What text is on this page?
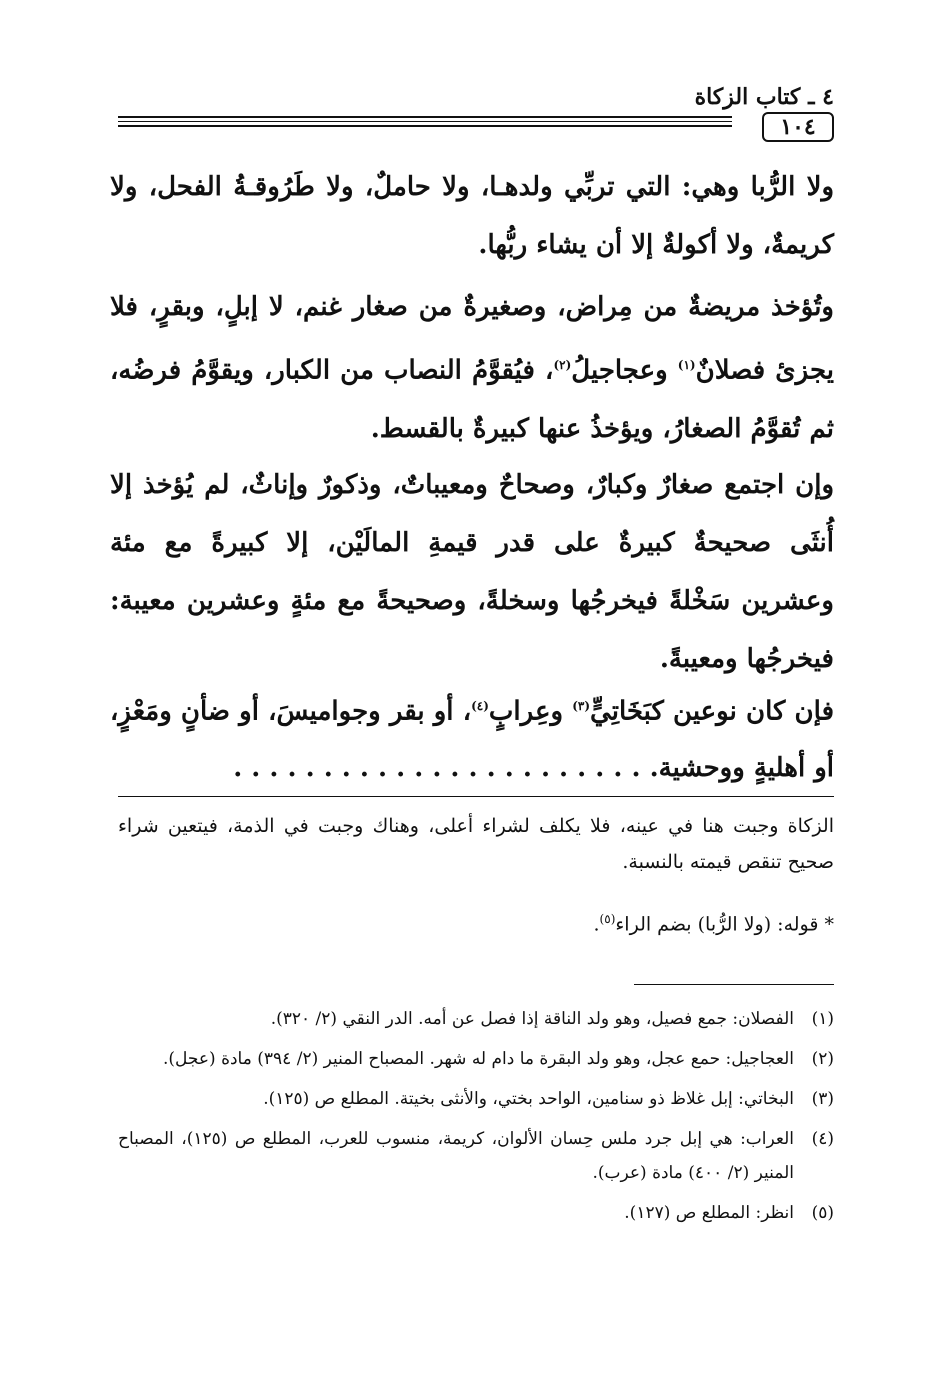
٤ ـ كتاب الزكاة
١٠٤

ولا الرُّبا وهي: التي تربِّي ولدهـا، ولا حاملٌ، ولا طَرُوقـةُ الفحل، ولا كريمةٌ، ولا أكولةٌ إلا أن يشاء ربُّها.

وتُؤخذ مريضةٌ من مِراض، وصغيرةٌ من صغار غنم، لا إبلٍ، وبقرٍ، فلا يجزئ فصلانٌ$^{(١)}$ وعجاجيلُ$^{(٢)}$، فيُقوَّمُ النصاب من الكبار، ويقوَّمُ فرضُه، ثم تُقوَّمُ الصغارُ، ويؤخذُ عنها كبيرةٌ بالقسط.

وإن اجتمع صغارٌ وكبارٌ، وصحاحٌ ومعيباتٌ، وذكورٌ وإناثٌ، لم يُؤخذ إلا أُنثَى صحيحةٌ كبيرةٌ على قدر قيمةِ المالَيْن، إلا كبيرةً مع مئة وعشرين سَخْلةً فيخرجُها وسخلةً، وصحيحةً مع مئةٍ وعشرين معيبة: فيخرجُها ومعيبةً.

فإن كان نوعين كبَخَاتِيٍّ$^{(٣)}$ وعِرابٍ$^{(٤)}$، أو بقر وجواميسَ، أو ضأنٍ ومَعْزٍ، أو أهليةٍ ووحشية. . . . . . . . . . . . . . . . . . . . . . . .

الزكاة وجبت هنا في عينه، فلا يكلف لشراء أعلى، وهناك وجبت في الذمة، فيتعين شراء صحيح تنقص قيمته بالنسبة.

* قوله: (ولا الرُّبا) بضم الراء$^{(٥)}$.
(١)
الفصلان: جمع فصيل، وهو ولد الناقة إذا فصل عن أمه. الدر النقي (٢/ ٣٢٠).
(٢)
العجاجيل: حمع عجل، وهو ولد البقرة ما دام له شهر. المصباح المنير (٢/ ٣٩٤) مادة (عجل).
(٣)
البخاتي: إبل غلاظ ذو سنامين، الواحد بختي، والأنثى بخيتة. المطلع ص (١٢٥).
(٤)
العراب: هي إبل جرد ملس حِسان الألوان، كريمة، منسوب للعرب، المطلع ص (١٢٥)، المصباح المنير (٢/ ٤٠٠) مادة (عرب).
(٥)
انظر: المطلع ص (١٢٧).
